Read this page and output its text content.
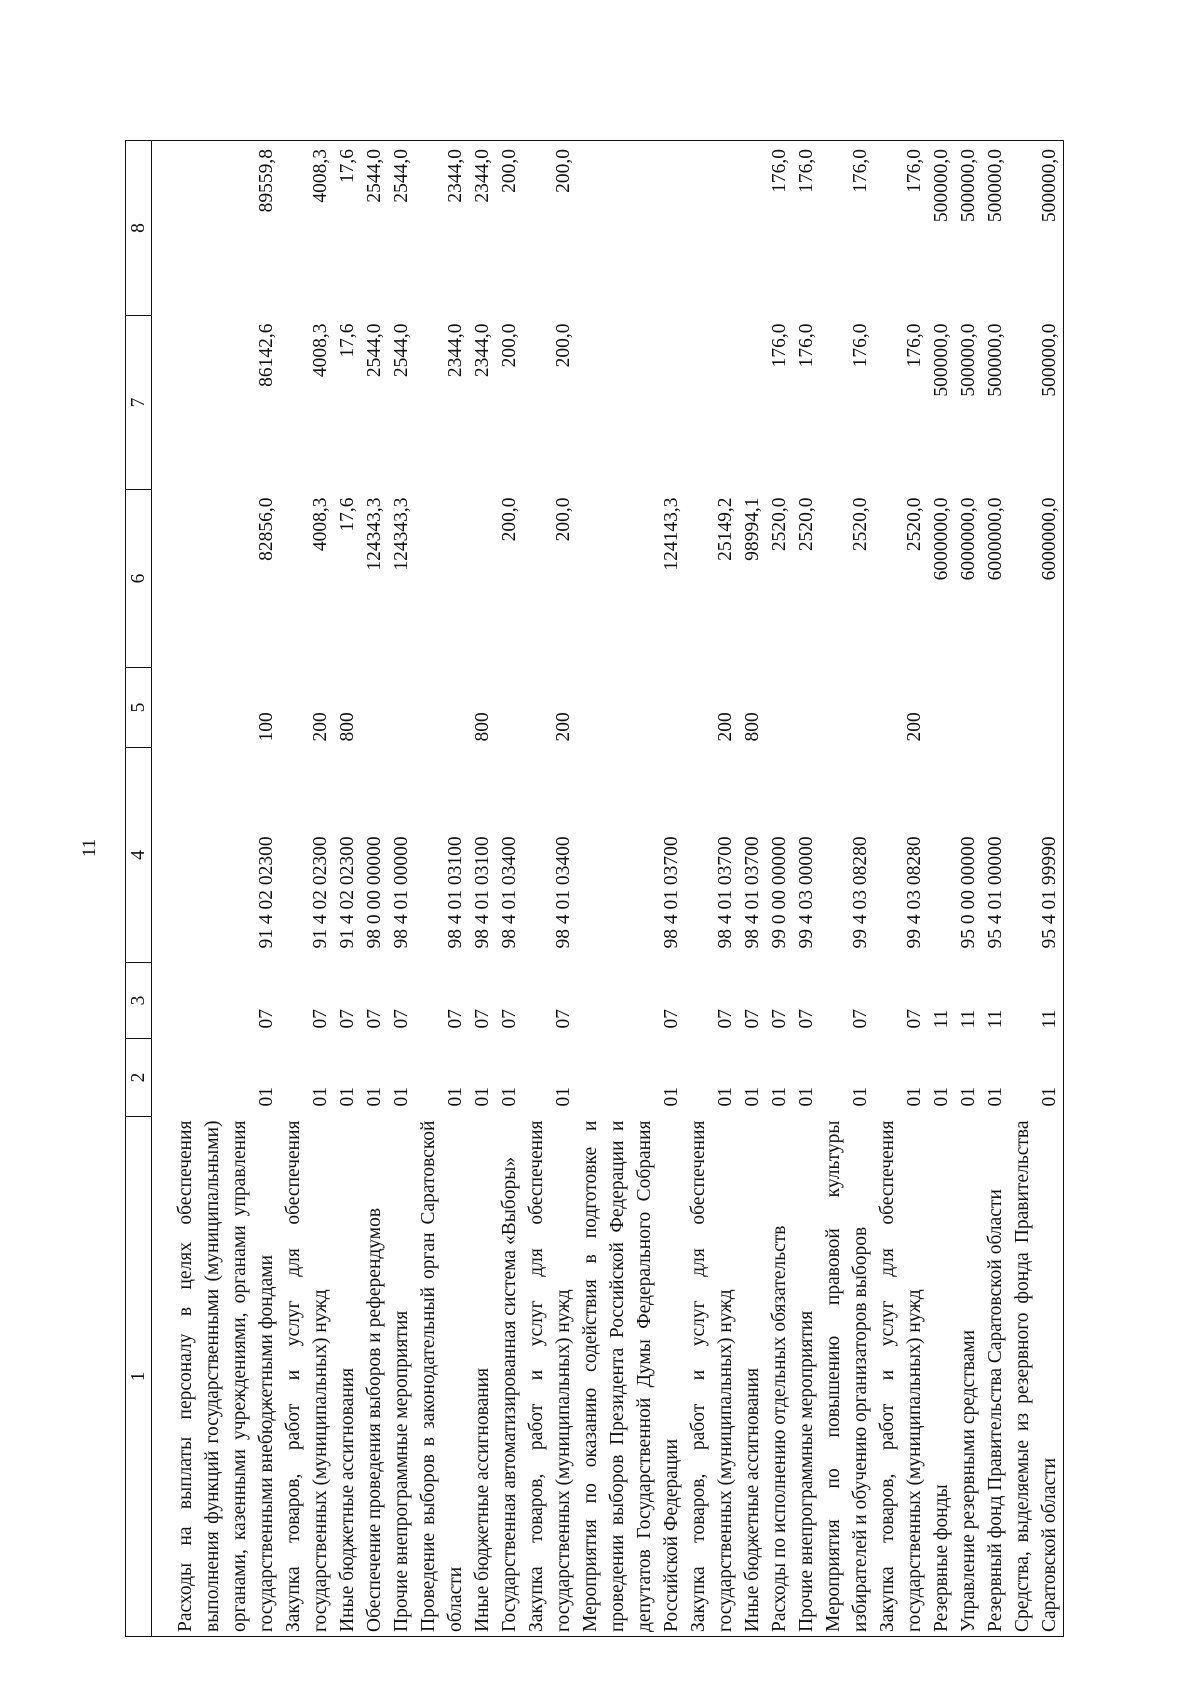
11
1	2	3	4	5	6	7	8
Расходы на выплаты персоналу в целях обеспечения выполнения функций государственными (муниципальными) органами, казенными учреждениями, органами управления государственными внебюджетными фондами	01	07	91 4 02 02300	100	82856,0	86142,6	89559,8
Закупка товаров, работ и услуг для обеспечения государственных (муниципальных) нужд	01	07	91 4 02 02300	200	4008,3	4008,3	4008,3
Иные бюджетные ассигнования	01	07	91 4 02 02300	800	17,6	17,6	17,6
Обеспечение проведения выборов и референдумов	01	07	98 0 00 00000		124343,3	2544,0	2544,0
Прочие внепрограммные мероприятия	01	07	98 4 01 00000		124343,3	2544,0	2544,0
Проведение выборов в законодательный орган Саратовской области	01	07	98 4 01 03100			2344,0	2344,0
Иные бюджетные ассигнования	01	07	98 4 01 03100	800		2344,0	2344,0
Государственная автоматизированная система «Выборы»	01	07	98 4 01 03400		200,0	200,0	200,0
Закупка товаров, работ и услуг для обеспечения государственных (муниципальных) нужд	01	07	98 4 01 03400	200	200,0	200,0	200,0
Мероприятия по оказанию содействия в подготовке и проведении выборов Президента Российской Федерации и депутатов Государственной Думы Федерального Собрания Российской Федерации	01	07	98 4 01 03700		124143,3		
Закупка товаров, работ и услуг для обеспечения государственных (муниципальных) нужд	01	07	98 4 01 03700	200	25149,2		
Иные бюджетные ассигнования	01	07	98 4 01 03700	800	98994,1		
Расходы по исполнению отдельных обязательств	01	07	99 0 00 00000		2520,0	176,0	176,0
Прочие внепрограммные мероприятия	01	07	99 4 03 00000		2520,0	176,0	176,0
Мероприятия по повышению правовой культуры избирателей и обучению организаторов выборов	01	07	99 4 03 08280		2520,0	176,0	176,0
Закупка товаров, работ и услуг для обеспечения государственных (муниципальных) нужд	01	07	99 4 03 08280	200	2520,0	176,0	176,0
Резервные фонды	01	11			6000000,0	500000,0	500000,0
Управление резервными средствами	01	11	95 0 00 00000		6000000,0	500000,0	500000,0
Резервный фонд Правительства Саратовской области	01	11	95 4 01 00000		6000000,0	500000,0	500000,0
Средства, выделяемые из резервного фонда Правительства Саратовской области	01	11	95 4 01 99990		6000000,0	500000,0	500000,0
